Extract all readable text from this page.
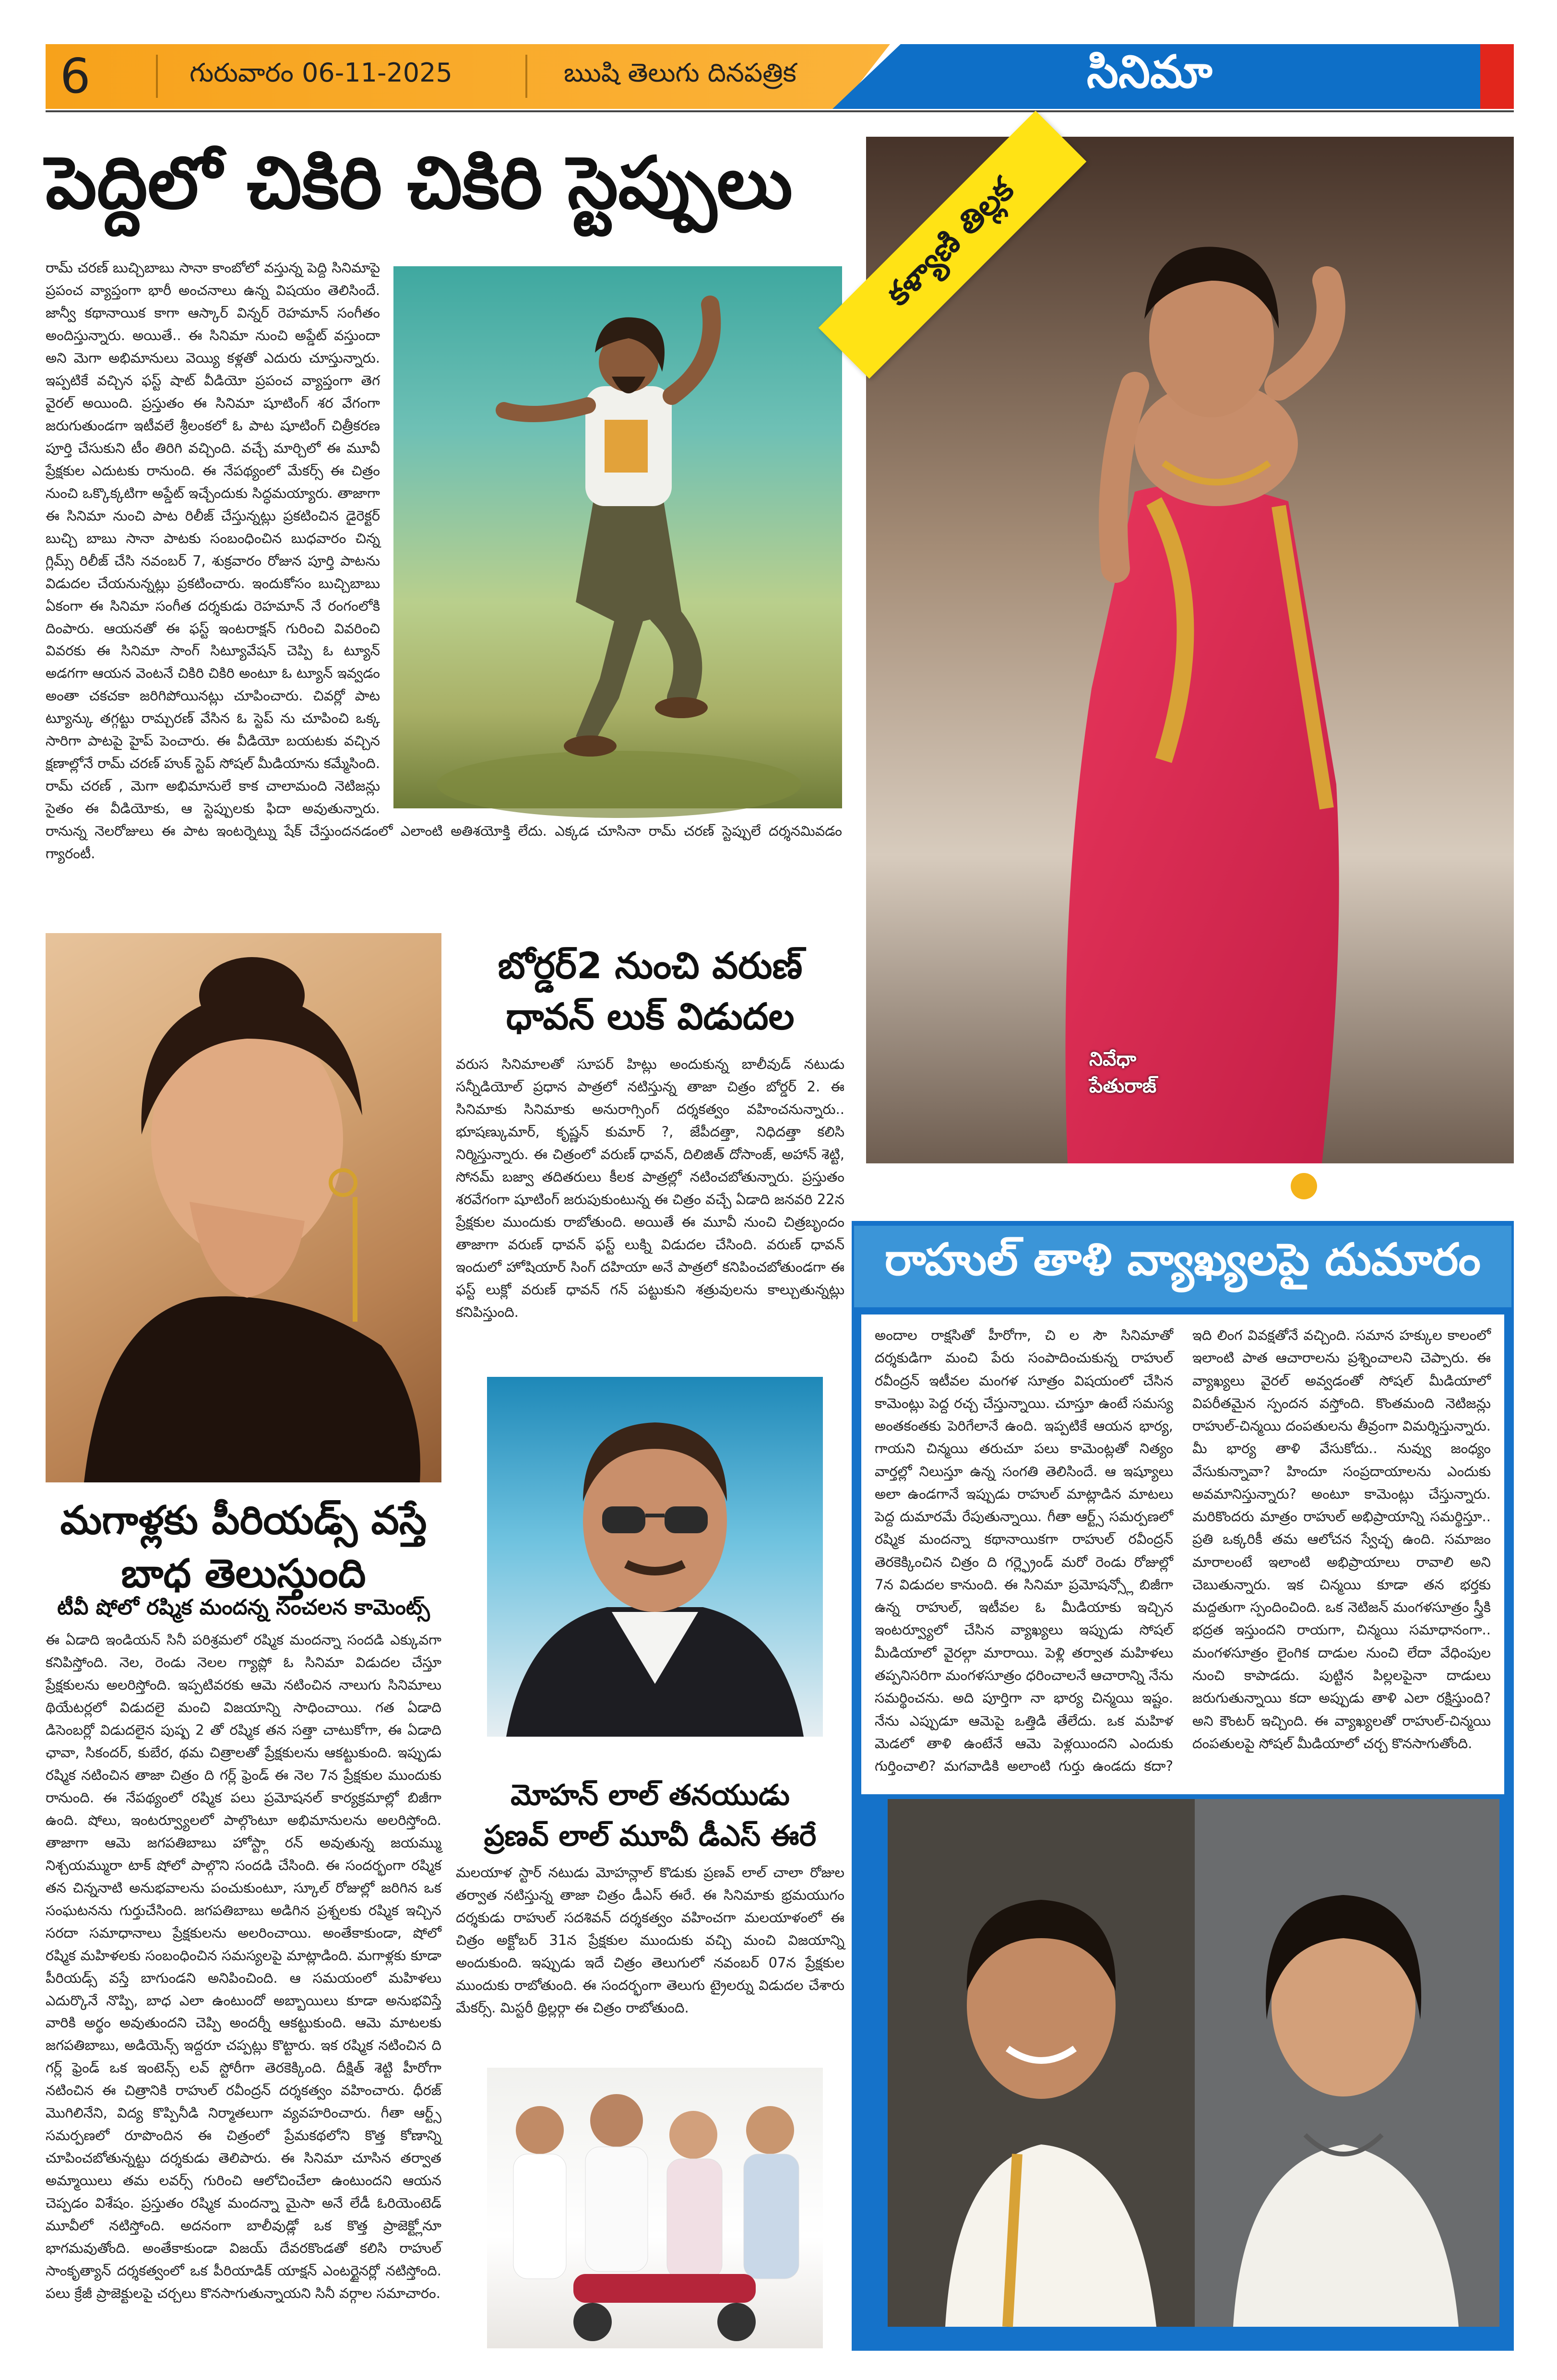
6	గురువారం 06-11-2025	ఋషి తెలుగు దినపత్రిక	సినిమా
పెద్దిలో చికిరి చికిరి స్టెప్పులు

రామ్ చరణ్ బుచ్చిబాబు సానా కాంబోలో వస్తున్న పెద్ది సినిమాపై ప్రపంచ వ్యాప్తంగా భారీ అంచనాలు ఉన్న విషయం తెలిసిందే. జాన్వీ కథానాయిక కాగా ఆస్కార్ విన్నర్ రెహమాన్ సంగీతం అందిస్తున్నారు. అయితే.. ఈ సినిమా నుంచి అప్డేట్ వస్తుందా అని మెగా అభిమానులు వెయ్యి కళ్లతో ఎదురు చూస్తున్నారు. ఇప్పటికే వచ్చిన ఫస్ట్ షాట్ వీడియో ప్రపంచ వ్యాప్తంగా తెగ వైరల్ అయింది. ప్రస్తుతం ఈ సినిమా షూటింగ్ శర వేగంగా జరుగుతుండగా ఇటీవలే శ్రీలంకలో ఓ పాట షూటింగ్ చిత్రీకరణ పూర్తి చేసుకుని టీం తిరిగి వచ్చింది. వచ్చే మార్చిలో ఈ మూవీ ప్రేక్షకుల ఎదుటకు రానుంది. ఈ నేపథ్యంలో మేకర్స్ ఈ చిత్రం నుంచి ఒక్కొక్కటిగా అప్డేట్ ఇచ్చేందుకు సిద్ధమయ్యారు. తాజాగా ఈ సినిమా నుంచి పాట రిలీజ్ చేస్తున్నట్లు ప్రకటించిన డైరెక్టర్ బుచ్చి బాబు సానా పాటకు సంబంధించిన బుధవారం చిన్న గ్లిమ్స్ రిలీజ్ చేసి నవంబర్ 7, శుక్రవారం రోజున పూర్తి పాటను విడుదల చేయనున్నట్లు ప్రకటించారు. ఇందుకోసం బుచ్చిబాబు ఏకంగా ఈ సినిమా సంగీత దర్శకుడు రెహమాన్ నే రంగంలోకి దింపారు. ఆయనతో ఈ ఫస్ట్ ఇంటరాక్షన్ గురించి వివరించి వివరకు ఈ సినిమా సాంగ్ సిట్యూవేషన్ చెప్పి ఓ ట్యూన్ అడగగా ఆయన వెంటనే చికిరి చికిరి అంటూ ఓ ట్యూన్ ఇవ్వడం అంతా చకచకా జరిగిపోయినట్లు చూపించారు. చివర్లో పాట ట్యూన్కు తగ్గట్టు రామ్చరణ్ వేసిన ఓ స్టెప్ ను చూపించి ఒక్క సారిగా పాటపై హైప్ పెంచారు. ఈ వీడియో బయటకు వచ్చిన క్షణాల్లోనే రామ్ చరణ్ హుక్ స్టెప్ సోషల్ మీడియాను కమ్మేసింది. రామ్ చరణ్ , మెగా అభిమానులే కాక చాలామంది నెటిజన్లు సైతం ఈ వీడియోకు, ఆ స్టెప్పులకు ఫిదా అవుతున్నారు. రానున్న నెలరోజులు ఈ పాట ఇంటర్నెట్ను షేక్ చేస్తుందనడంలో ఎలాంటి అతిశయోక్తి లేదు. ఎక్కడ చూసినా రామ్ చరణ్ స్టెప్పులే దర్శనమివడం గ్యారంటీ.

కళ్యాణి తిల్లక
నివేధా
పేతురాజ్
మగాళ్లకు పీరియడ్స్ వస్తే
బాధ తెలుస్తుంది
టీవీ షోలో రష్మిక మందన్న సంచలన కామెంట్స్

ఈ ఏడాది ఇండియన్ సినీ పరిశ్రమలో రష్మిక మందన్నా సందడి ఎక్కువగా కనిపిస్తోంది. నెల, రెండు నెలల గ్యాప్లో ఓ సినిమా విడుదల చేస్తూ ప్రేక్షకులను అలరిస్తోంది. ఇప్పటివరకు ఆమె నటించిన నాలుగు సినిమాలు థియేటర్లలో విడుదలై మంచి విజయాన్ని సాధించాయి. గత ఏడాది డిసెంబర్లో విడుదలైన పుష్ప 2 తో రష్మిక తన సత్తా చాటుకోగా, ఈ ఏడాది ఛావా, సికందర్, కుబేర, థమ చిత్రాలతో ప్రేక్షకులను ఆకట్టుకుంది. ఇప్పుడు రష్మిక నటించిన తాజా చిత్రం ది గర్ల్ ఫ్రెండ్ ఈ నెల 7న ప్రేక్షకుల ముందుకు రానుంది. ఈ నేపథ్యంలో రష్మిక పలు ప్రమోషనల్ కార్యక్రమాల్లో బిజీగా ఉంది. షోలు, ఇంటర్వ్యూలలో పాల్గొంటూ అభిమానులను అలరిస్తోంది. తాజాగా ఆమె జగపతిబాబు హోస్ట్గా రన్ అవుతున్న జయమ్ము నిశ్చయమ్మురా టాక్ షోలో పాల్గొని సందడి చేసింది. ఈ సందర్భంగా రష్మిక తన చిన్ననాటి అనుభవాలను పంచుకుంటూ, స్కూల్ రోజుల్లో జరిగిన ఒక సంఘటనను గుర్తుచేసింది. జగపతిబాబు అడిగిన ప్రశ్నలకు రష్మిక ఇచ్చిన సరదా సమాధానాలు ప్రేక్షకులను అలరించాయి. అంతేకాకుండా, షోలో రష్మిక మహిళలకు సంబంధించిన సమస్యలపై మాట్లాడింది. మగాళ్లకు కూడా పీరియడ్స్ వస్తే బాగుండని అనిపించింది. ఆ సమయంలో మహిళలు ఎదుర్కొనే నొప్పి, బాధ ఎలా ఉంటుందో అబ్బాయిలు కూడా అనుభవిస్తే వారికి అర్థం అవుతుందని చెప్పి అందర్నీ ఆకట్టుకుంది. ఆమె మాటలకు జగపతిబాబు, అడియెన్స్ ఇద్దరూ చప్పట్లు కొట్టారు. ఇక రష్మిక నటించిన ది గర్ల్ ఫ్రెండ్ ఒక ఇంటెన్స్ లవ్ స్టోరీగా తెరకెక్కింది. దీక్షిత్ శెట్టి హీరోగా నటించిన ఈ చిత్రానికి రాహుల్ రవీంద్రన్ దర్శకత్వం వహించారు. ధీరజ్ మొగిలినేని, విద్య కొప్పినీడి నిర్మాతలుగా వ్యవహరించారు. గీతా ఆర్ట్స్ సమర్పణలో రూపొందిన ఈ చిత్రంలో ప్రేమకథలోని కొత్త కోణాన్ని చూపించబోతున్నట్టు దర్శకుడు తెలిపారు. ఈ సినిమా చూసిన తర్వాత అమ్మాయిలు తమ లవర్స్ గురించి ఆలోచించేలా ఉంటుందని ఆయన చెప్పడం విశేషం. ప్రస్తుతం రష్మిక మందన్నా మైసా అనే లేడీ ఓరియెంటెడ్ మూవీలో నటిస్తోంది. అదనంగా బాలీవుడ్లో ఒక కొత్త ప్రాజెక్ట్లోనూ భాగమవుతోంది. అంతేకాకుండా విజయ్ దేవరకొండతో కలిసి రాహుల్ సాంకృత్యాన్ దర్శకత్వంలో ఒక పీరియాడిక్ యాక్షన్ ఎంటర్టైనర్లో నటిస్తోంది. పలు క్రేజీ ప్రాజెక్టులపై చర్చలు కొనసాగుతున్నాయని సినీ వర్గాల సమాచారం.

బోర్డర్2 నుంచి వరుణ్
ధావన్ లుక్ విడుదల

వరుస సినిమాలతో సూపర్ హిట్లు అందుకున్న బాలీవుడ్ నటుడు సన్నీడియోల్ ప్రధాన పాత్రలో నటిస్తున్న తాజా చిత్రం బోర్డర్ 2. ఈ సినిమాకు సినిమాకు అనురాగ్సింగ్ దర్శకత్వం వహించనున్నారు.. భూషణ్కుమార్, కృష్ణన్ కుమార్ ?, జేపీదత్తా, నిధిదత్తా కలిసి నిర్మిస్తున్నారు. ఈ చిత్రంలో వరుణ్ ధావన్, దిలిజిత్ దోసాంజ్, అహాన్ శెట్టి, సోనమ్ బజ్వా తదితరులు కీలక పాత్రల్లో నటించబోతున్నారు. ప్రస్తుతం శరవేగంగా షూటింగ్ జరుపుకుంటున్న ఈ చిత్రం వచ్చే ఏడాది జనవరి 22న ప్రేక్షకుల ముందుకు రాబోతుంది. అయితే ఈ మూవీ నుంచి చిత్రబృందం తాజాగా వరుణ్ ధావన్ ఫస్ట్ లుక్ని విడుదల చేసింది. వరుణ్ ధావన్ ఇందులో హోషియార్ సింగ్ దహియా అనే పాత్రలో కనిపించబోతుండగా ఈ ఫస్ట్ లుక్లో వరుణ్ ధావన్ గన్ పట్టుకుని శత్రువులను కాల్చుతున్నట్లు కనిపిస్తుంది.

మోహన్ లాల్ తనయుడు
ప్రణవ్ లాల్ మూవీ డీఎస్ ఈరే

మలయాళ స్టార్ నటుడు మోహన్లాల్ కొడుకు ప్రణవ్ లాల్ చాలా రోజుల తర్వాత నటిస్తున్న తాజా చిత్రం డీఎస్ ఈరే. ఈ సినిమాకు భ్రమయుగం దర్శకుడు రాహుల్ సదశివన్ దర్శకత్వం వహించగా మలయాళంలో ఈ చిత్రం అక్టోబర్ 31న ప్రేక్షకుల ముందుకు వచ్చి మంచి విజయాన్ని అందుకుంది. ఇప్పుడు ఇదే చిత్రం తెలుగులో నవంబర్ 07న ప్రేక్షకుల ముందుకు రాబోతుంది. ఈ సందర్భంగా తెలుగు ట్రైలర్ను విడుదల చేశారు మేకర్స్. మిస్టరీ థ్రిల్లర్గా ఈ చిత్రం రాబోతుంది.

రాహుల్ తాళి వ్యాఖ్యలపై దుమారం

అందాల రాక్షసితో హీరోగా, చి ల సౌ సినిమాతో దర్శకుడిగా మంచి పేరు సంపాదించుకున్న రాహుల్ రవీంద్రన్ ఇటీవల మంగళ సూత్రం విషయంలో చేసిన కామెంట్లు పెద్ద రచ్చ చేస్తున్నాయి. చూస్తూ ఉంటే సమస్య అంతకంతకు పెరిగేలానే ఉంది. ఇప్పటికే ఆయన భార్య, గాయని చిన్మయి తరుచూ పలు కామెంట్లతో నిత్యం వార్తల్లో నిలుస్తూ ఉన్న సంగతి తెలిసిందే. ఆ ఇష్యూలు అలా ఉండగానే ఇప్పుడు రాహుల్ మాట్లాడిన మాటలు పెద్ద దుమారమే రేపుతున్నాయి. గీతా ఆర్ట్స్ సమర్పణలో రష్మిక మందన్నా కథానాయికగా రాహుల్ రవీంద్రన్ తెరకెక్కించిన చిత్రం ది గర్ల్ఫ్రెండ్ మరో రెండు రోజుల్లో 7న విడుదల కానుంది. ఈ సినిమా ప్రమోషన్స్లో బిజీగా ఉన్న రాహుల్, ఇటీవల ఓ మీడియాకు ఇచ్చిన ఇంటర్వ్యూలో చేసిన వ్యాఖ్యలు ఇప్పుడు సోషల్ మీడియాలో వైరల్గా మారాయి. పెళ్లి తర్వాత మహిళలు తప్పనిసరిగా మంగళసూత్రం ధరించాలనే ఆచారాన్ని నేను సమర్థించను. అది పూర్తిగా నా భార్య చిన్మయి ఇష్టం. నేను ఎప్పుడూ ఆమెపై ఒత్తిడి తేలేదు. ఒక మహిళ మెడలో తాళి ఉంటేనే ఆమె పెళ్లయిందని ఎందుకు గుర్తించాలి? మగవాడికి అలాంటి గుర్తు ఉండదు కదా? ఇది లింగ వివక్షతోనే వచ్చింది. సమాన హక్కుల కాలంలో ఇలాంటి పాత ఆచారాలను ప్రశ్నించాలని చెప్పారు. ఈ వ్యాఖ్యలు వైరల్ అవ్వడంతో సోషల్ మీడియాలో విపరీతమైన స్పందన వస్తోంది. కొంతమంది నెటిజన్లు రాహుల్-చిన్మయి దంపతులను తీవ్రంగా విమర్శిస్తున్నారు. మీ భార్య తాళి వేసుకోదు.. నువ్వు జంధ్యం వేసుకున్నావా? హిందూ సంప్రదాయాలను ఎందుకు అవమానిస్తున్నారు? అంటూ కామెంట్లు చేస్తున్నారు. మరికొందరు మాత్రం రాహుల్ అభిప్రాయాన్ని సమర్థిస్తూ.. ప్రతి ఒక్కరికీ తమ ఆలోచన స్వేచ్ఛ ఉంది. సమాజం మారాలంటే ఇలాంటి అభిప్రాయాలు రావాలి అని చెబుతున్నారు. ఇక చిన్మయి కూడా తన భర్తకు మద్దతుగా స్పందించింది. ఒక నెటిజన్ మంగళసూత్రం స్త్రీకి భద్రత ఇస్తుందని రాయగా, చిన్మయి సమాధానంగా.. మంగళసూత్రం లైంగిక దాడుల నుంచి లేదా వేధింపుల నుంచి కాపాడదు. పుట్టిన పిల్లలపైనా దాడులు జరుగుతున్నాయి కదా అప్పుడు తాళి ఎలా రక్షిస్తుంది? అని కౌంటర్ ఇచ్చింది. ఈ వ్యాఖ్యలతో రాహుల్-చిన్మయి దంపతులపై సోషల్ మీడియాలో చర్చ కొనసాగుతోంది.
